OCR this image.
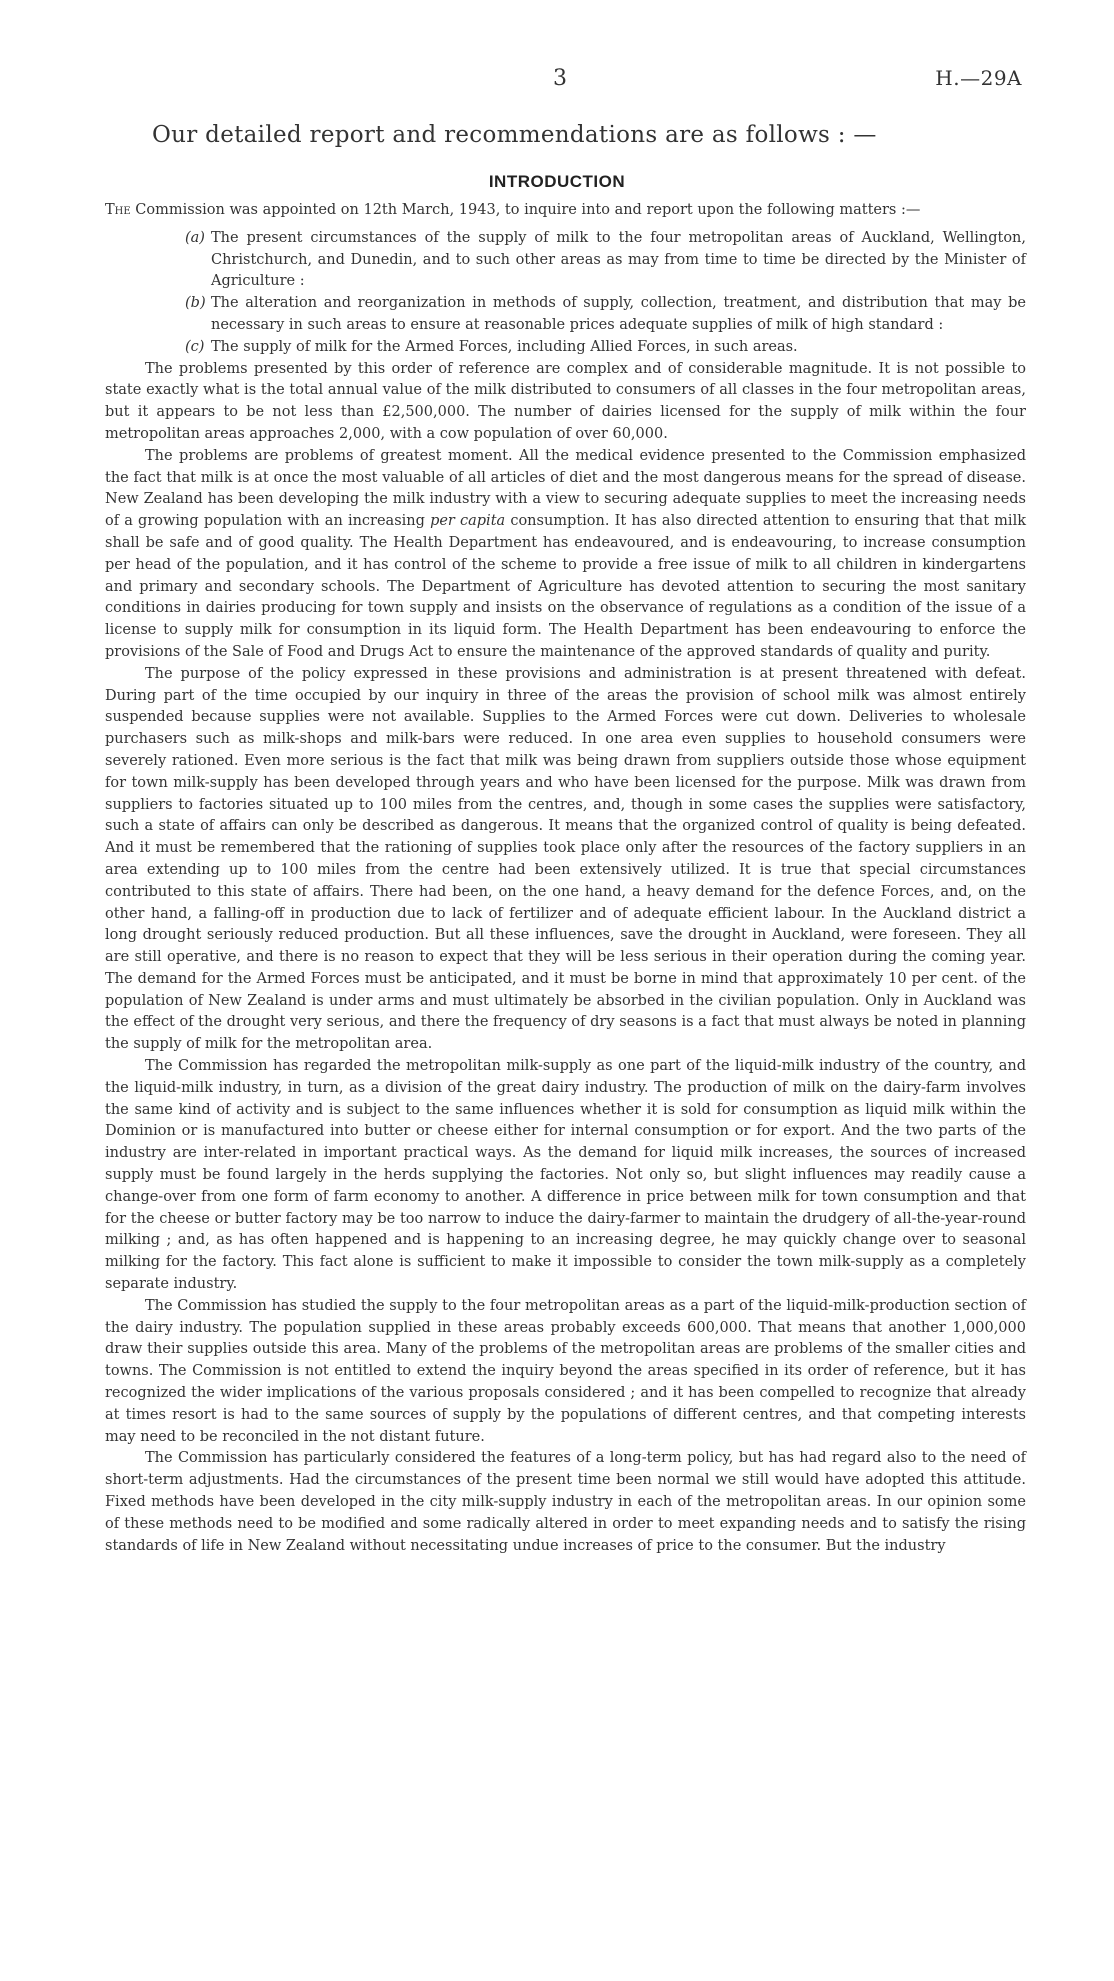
3	H.—29A
Our detailed report and recommendations are as follows : —
INTRODUCTION

The Commission was appointed on 12th March, 1943, to inquire into and report upon the following matters :—

(a) The present circumstances of the supply of milk to the four metropolitan areas of Auckland, Wellington, Christchurch, and Dunedin, and to such other areas as may from time to time be directed by the Minister of Agriculture :
(b) The alteration and reorganization in methods of supply, collection, treatment, and distribution that may be necessary in such areas to ensure at reasonable prices adequate supplies of milk of high standard :
(c) The supply of milk for the Armed Forces, including Allied Forces, in such areas.

The problems presented by this order of reference are complex and of considerable magnitude. It is not possible to state exactly what is the total annual value of the milk distributed to consumers of all classes in the four metropolitan areas, but it appears to be not less than £2,500,000. The number of dairies licensed for the supply of milk within the four metropolitan areas approaches 2,000, with a cow population of over 60,000.

The problems are problems of greatest moment. All the medical evidence presented to the Commission emphasized the fact that milk is at once the most valuable of all articles of diet and the most dangerous means for the spread of disease. New Zealand has been developing the milk industry with a view to securing adequate supplies to meet the increasing needs of a growing population with an increasing per capita consumption. It has also directed attention to ensuring that that milk shall be safe and of good quality. The Health Department has endeavoured, and is endeavouring, to increase consumption per head of the population, and it has control of the scheme to provide a free issue of milk to all children in kindergartens and primary and secondary schools. The Department of Agriculture has devoted attention to securing the most sanitary conditions in dairies producing for town supply and insists on the observance of regulations as a condition of the issue of a license to supply milk for consumption in its liquid form. The Health Department has been endeavouring to enforce the provisions of the Sale of Food and Drugs Act to ensure the maintenance of the approved standards of quality and purity.

The purpose of the policy expressed in these provisions and administration is at present threatened with defeat. During part of the time occupied by our inquiry in three of the areas the provision of school milk was almost entirely suspended because supplies were not available. Supplies to the Armed Forces were cut down. Deliveries to wholesale purchasers such as milk-shops and milk-bars were reduced. In one area even supplies to household consumers were severely rationed. Even more serious is the fact that milk was being drawn from suppliers outside those whose equipment for town milk-supply has been developed through years and who have been licensed for the purpose. Milk was drawn from suppliers to factories situated up to 100 miles from the centres, and, though in some cases the supplies were satisfactory, such a state of affairs can only be described as dangerous. It means that the organized control of quality is being defeated. And it must be remembered that the rationing of supplies took place only after the resources of the factory suppliers in an area extending up to 100 miles from the centre had been extensively utilized. It is true that special circumstances contributed to this state of affairs. There had been, on the one hand, a heavy demand for the defence Forces, and, on the other hand, a falling-off in production due to lack of fertilizer and of adequate efficient labour. In the Auckland district a long drought seriously reduced production. But all these influences, save the drought in Auckland, were foreseen. They all are still operative, and there is no reason to expect that they will be less serious in their operation during the coming year. The demand for the Armed Forces must be anticipated, and it must be borne in mind that approximately 10 per cent. of the population of New Zealand is under arms and must ultimately be absorbed in the civilian population. Only in Auckland was the effect of the drought very serious, and there the frequency of dry seasons is a fact that must always be noted in planning the supply of milk for the metropolitan area.

The Commission has regarded the metropolitan milk-supply as one part of the liquid-milk industry of the country, and the liquid-milk industry, in turn, as a division of the great dairy industry. The production of milk on the dairy-farm involves the same kind of activity and is subject to the same influences whether it is sold for consumption as liquid milk within the Dominion or is manufactured into butter or cheese either for internal consumption or for export. And the two parts of the industry are inter-related in important practical ways. As the demand for liquid milk increases, the sources of increased supply must be found largely in the herds supplying the factories. Not only so, but slight influences may readily cause a change-over from one form of farm economy to another. A difference in price between milk for town consumption and that for the cheese or butter factory may be too narrow to induce the dairy-farmer to maintain the drudgery of all-the-year-round milking ; and, as has often happened and is happening to an increasing degree, he may quickly change over to seasonal milking for the factory. This fact alone is sufficient to make it impossible to consider the town milk-supply as a completely separate industry.

The Commission has studied the supply to the four metropolitan areas as a part of the liquid-milk-production section of the dairy industry. The population supplied in these areas probably exceeds 600,000. That means that another 1,000,000 draw their supplies outside this area. Many of the problems of the metropolitan areas are problems of the smaller cities and towns. The Commission is not entitled to extend the inquiry beyond the areas specified in its order of reference, but it has recognized the wider implications of the various proposals considered ; and it has been compelled to recognize that already at times resort is had to the same sources of supply by the populations of different centres, and that competing interests may need to be reconciled in the not distant future.

The Commission has particularly considered the features of a long-term policy, but has had regard also to the need of short-term adjustments. Had the circumstances of the present time been normal we still would have adopted this attitude. Fixed methods have been developed in the city milk-supply industry in each of the metropolitan areas. In our opinion some of these methods need to be modified and some radically altered in order to meet expanding needs and to satisfy the rising standards of life in New Zealand without necessitating undue increases of price to the consumer. But the industry
